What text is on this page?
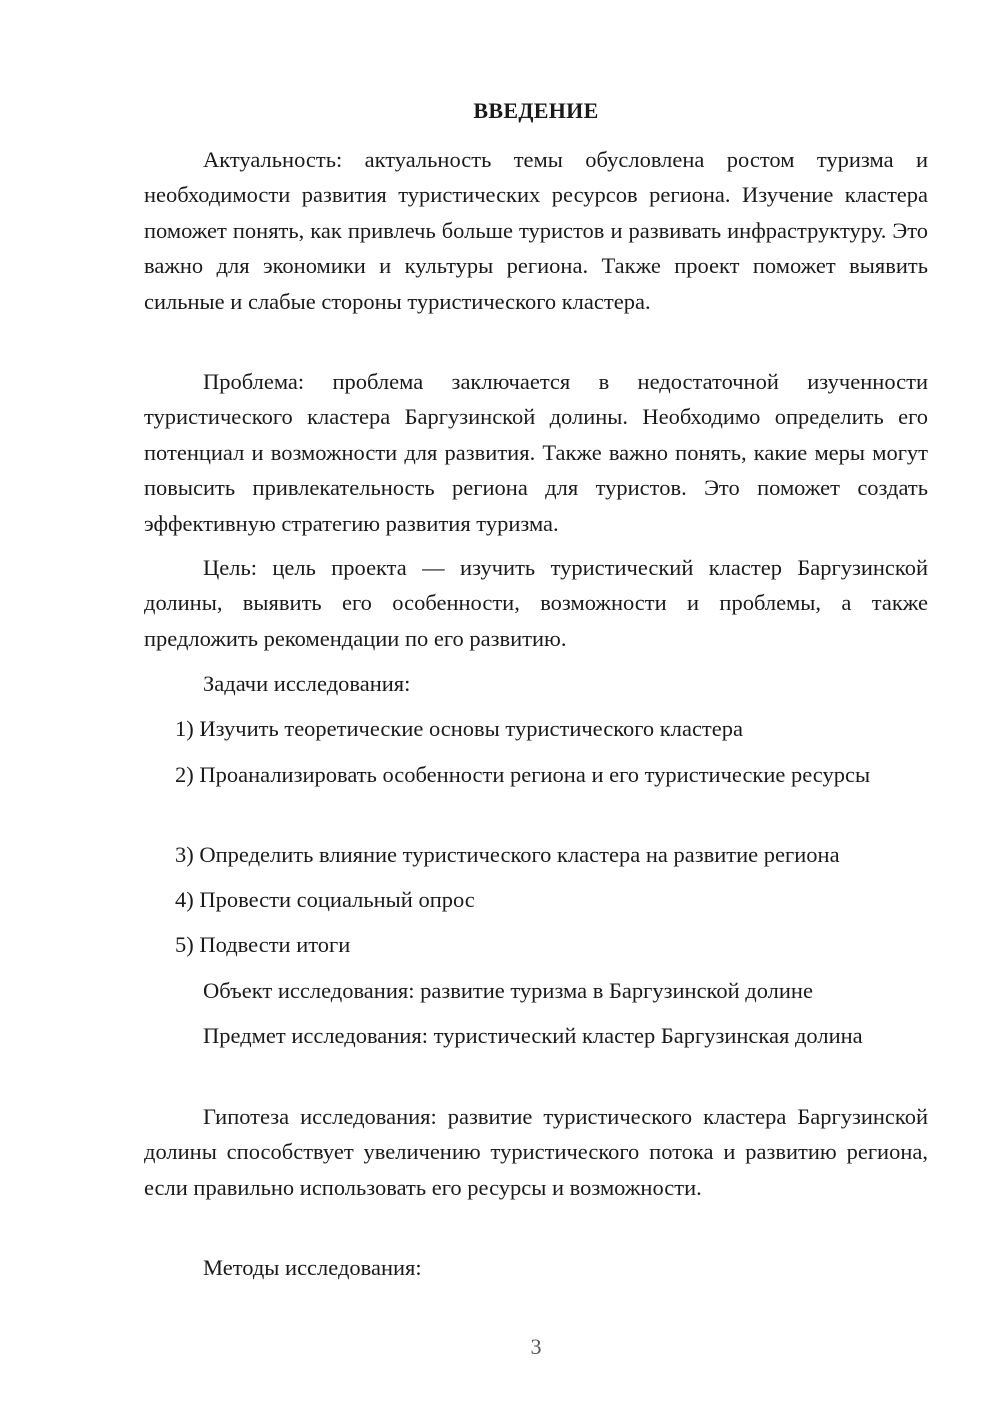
ВВЕДЕНИЕ

Актуальность: актуальность темы обусловлена ростом туризма и необходимости развития туристических ресурсов региона. Изучение кластера поможет понять, как привлечь больше туристов и развивать инфраструктуру. Это важно для экономики и культуры региона. Также проект поможет выявить сильные и слабые стороны туристического кластера.

Проблема: проблема заключается в недостаточной изученности туристического кластера Баргузинской долины. Необходимо определить его потенциал и возможности для развития. Также важно понять, какие меры могут повысить привлекательность региона для туристов. Это поможет создать эффективную стратегию развития туризма.

Цель: цель проекта — изучить туристический кластер Баргузинской долины, выявить его особенности, возможности и проблемы, а также предложить рекомендации по его развитию.

Задачи исследования:

1) Изучить теоретические основы туристического кластера

2) Проанализировать особенности региона и его туристические ресурсы

3) Определить влияние туристического кластера на развитие региона

4) Провести социальный опрос

5) Подвести итоги

Объект исследования: развитие туризма в Баргузинской долине

Предмет исследования: туристический кластер Баргузинская долина

Гипотеза исследования: развитие туристического кластера Баргузинской долины способствует увеличению туристического потока и развитию региона, если правильно использовать его ресурсы и возможности.

Методы исследования:

3
